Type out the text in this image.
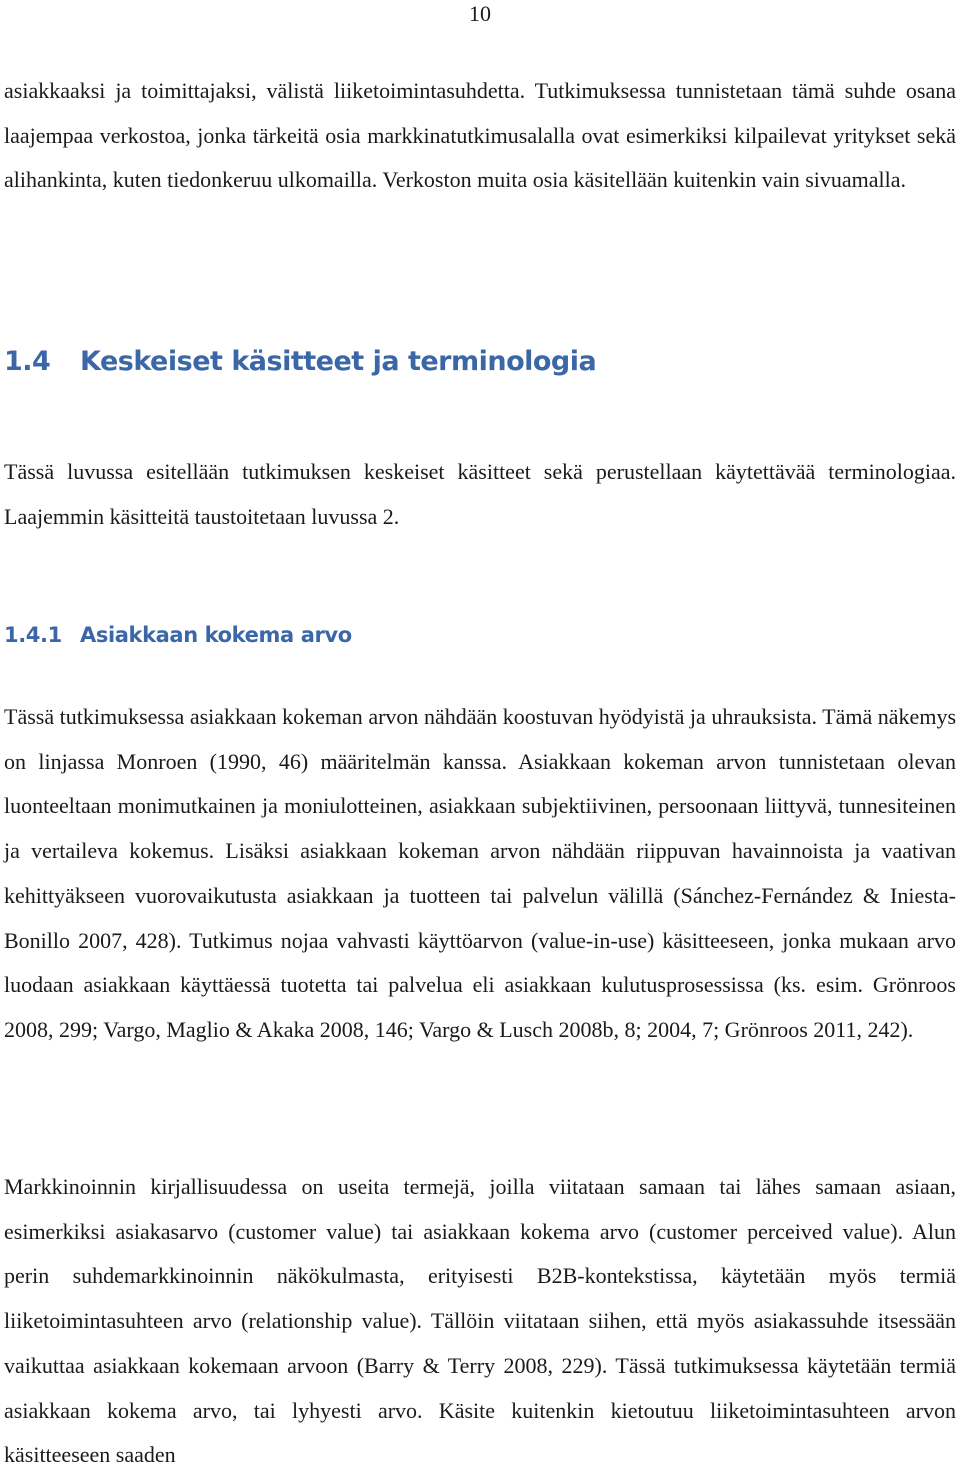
10

asiakkaaksi ja toimittajaksi, välistä liiketoimintasuhdetta. Tutkimuksessa tunnistetaan tämä suhde osana laajempaa verkostoa, jonka tärkeitä osia markkinatutkimusalalla ovat esimerkiksi kilpailevat yritykset sekä alihankinta, kuten tiedonkeruu ulkomailla. Verkoston muita osia käsitellään kuitenkin vain sivuamalla.

1.4 Keskeiset käsitteet ja terminologia

Tässä luvussa esitellään tutkimuksen keskeiset käsitteet sekä perustellaan käytettävää terminologiaa. Laajemmin käsitteitä taustoitetaan luvussa 2.

1.4.1 Asiakkaan kokema arvo

Tässä tutkimuksessa asiakkaan kokeman arvon nähdään koostuvan hyödyistä ja uhrauksista. Tämä näkemys on linjassa Monroen (1990, 46) määritelmän kanssa. Asiakkaan kokeman arvon tunnistetaan olevan luonteeltaan monimutkainen ja moniulotteinen, asiakkaan subjektiivinen, persoonaan liittyvä, tunnesiteinen ja vertaileva kokemus. Lisäksi asiakkaan kokeman arvon nähdään riippuvan havainnoista ja vaativan kehittyäkseen vuorovaikutusta asiakkaan ja tuotteen tai palvelun välillä (Sánchez-Fernández & Iniesta-Bonillo 2007, 428). Tutkimus nojaa vahvasti käyttöarvon (value-in-use) käsitteeseen, jonka mukaan arvo luodaan asiakkaan käyttäessä tuotetta tai palvelua eli asiakkaan kulutusprosessissa (ks. esim. Grönroos 2008, 299; Vargo, Maglio & Akaka 2008, 146; Vargo & Lusch 2008b, 8; 2004, 7; Grönroos 2011, 242).

Markkinoinnin kirjallisuudessa on useita termejä, joilla viitataan samaan tai lähes samaan asiaan, esimerkiksi asiakasarvo (customer value) tai asiakkaan kokema arvo (customer perceived value). Alun perin suhdemarkkinoinnin näkökulmasta, erityisesti B2B-kontekstissa, käytetään myös termiä liiketoimintasuhteen arvo (relationship value). Tällöin viitataan siihen, että myös asiakassuhde itsessään vaikuttaa asiakkaan kokemaan arvoon (Barry & Terry 2008, 229). Tässä tutkimuksessa käytetään termiä asiakkaan kokema arvo, tai lyhyesti arvo. Käsite kuitenkin kietoutuu liiketoimintasuhteen arvon käsitteeseen saaden
